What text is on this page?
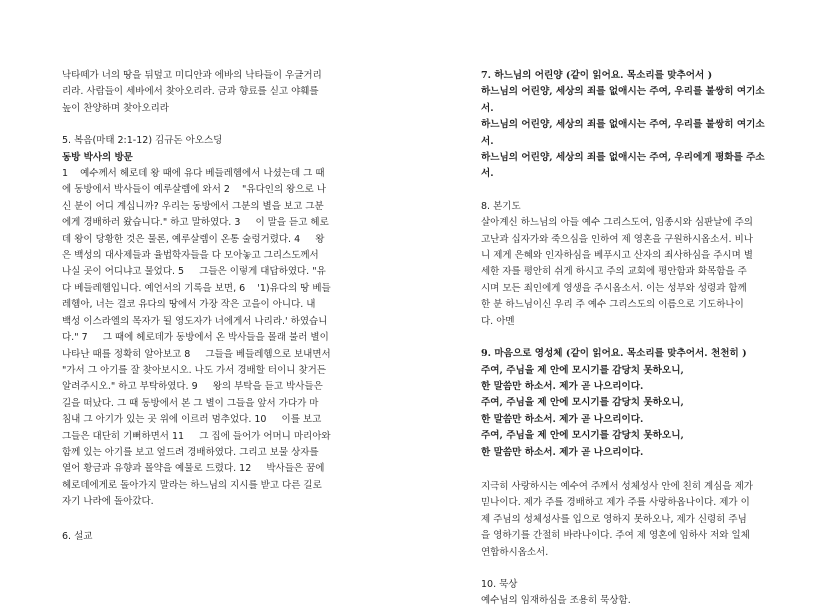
낙타떼가 너의 땅을 뒤덮고 미디안과 에바의 낙타들이 우글거리

리라. 사람들이 세바에서 찾아오리라. 금과 향료를 싣고 야훼를

높이 찬양하며 찾아오리라

5. 복음(마태 2:1-12) 김규돈 아오스딩

동방 박사의 방문

1    예수께서 헤로데 왕 때에 유다 베들레헴에서 나셨는데 그 때

에 동방에서 박사들이 예루살렘에 와서 2    "유다인의 왕으로 나

신 분이 어디 계십니까? 우리는 동방에서 그분의 별을 보고 그분

에게 경배하러 왔습니다." 하고 말하였다. 3     이 말을 듣고 헤로

데 왕이 당황한 것은 물론, 예루살렘이 온통 술렁거렸다. 4     왕

은 백성의 대사제들과 율법학자들을 다 모아놓고 그리스도께서

나실 곳이 어디냐고 물었다. 5     그들은 이렇게 대답하였다. "유

다 베들레헴입니다. 예언서의 기록을 보면, 6    '1)유다의 땅 베들

레헴아, 너는 결코 유다의 땅에서 가장 작은 고을이 아니다. 내

백성 이스라엘의 목자가 될 영도자가 너에게서 나리라.' 하였습니

다." 7     그 때에 헤로데가 동방에서 온 박사들을 몰래 불러 별이

나타난 때를 정확히 알아보고 8     그들을 베들레헴으로 보내면서

"가서 그 아기를 잘 찾아보시오. 나도 가서 경배할 터이니 찾거든

알려주시오." 하고 부탁하였다. 9     왕의 부탁을 듣고 박사들은

길을 떠났다. 그 때 동방에서 본 그 별이 그들을 앞서 가다가 마

침내 그 아기가 있는 곳 위에 이르러 멈추었다. 10     이를 보고

그들은 대단히 기뻐하면서 11     그 집에 들어가 어머니 마리아와

함께 있는 아기를 보고 엎드려 경배하였다. 그리고 보물 상자를

열어 황금과 유향과 몰약을 예물로 드렸다. 12     박사들은 꿈에

헤로데에게로 돌아가지 말라는 하느님의 지시를 받고 다른 길로

자기 나라에 돌아갔다.

6. 설교

7. 하느님의 어린양 (같이 읽어요. 목소리를 맞추어서 )

하느님의 어린양, 세상의 죄를 없애시는 주여, 우리를 불쌍히 여기소서.

하느님의 어린양, 세상의 죄를 없애시는 주여, 우리를 불쌍히 여기소서.

하느님의 어린양, 세상의 죄를 없애시는 주여, 우리에게 평화를 주소서.

8. 본기도

살아계신 하느님의 아들 예수 그리스도여, 임종시와 심판날에 주의

고난과 십자가와 죽으심을 인하여 제 영혼을 구원하시옵소서. 비나

니 제게 은혜와 인자하심을 베푸시고 산자의 죄사하심을 주시며 별

세한 자를 평안히 쉬게 하시고 주의 교회에 평안함과 화목함을 주

시며 모든 죄인에게 영생을 주시옵소서. 이는 성부와 성령과 함께

한 분 하느님이신 우리 주 예수 그리스도의 이름으로 기도하나이

다. 아멘

9. 마음으로 영성체 (같이 읽어요. 목소리를 맞추어서. 천천히 )

주여, 주님을 제 안에 모시기를 감당치 못하오니,

한 말씀만 하소서. 제가 곧 나으리이다.

주여, 주님을 제 안에 모시기를 감당치 못하오니,

한 말씀만 하소서. 제가 곧 나으리이다.

주여, 주님을 제 안에 모시기를 감당치 못하오니,

한 말씀만 하소서. 제가 곧 나으리이다.

지극히 사랑하시는 예수여 주께서 성체성사 안에 친히 계심을 제가

믿나이다. 제가 주를 경배하고 제가 주를 사랑하옵나이다. 제가 이

제 주님의 성체성사를 입으로 영하지 못하오나, 제가 신령히 주님

을 영하기를 간절히 바라나이다. 주여 제 영혼에 임하사 저와 일체

연합하시옵소서.

10. 묵상

예수님의 임재하심을 조용히 묵상함.
